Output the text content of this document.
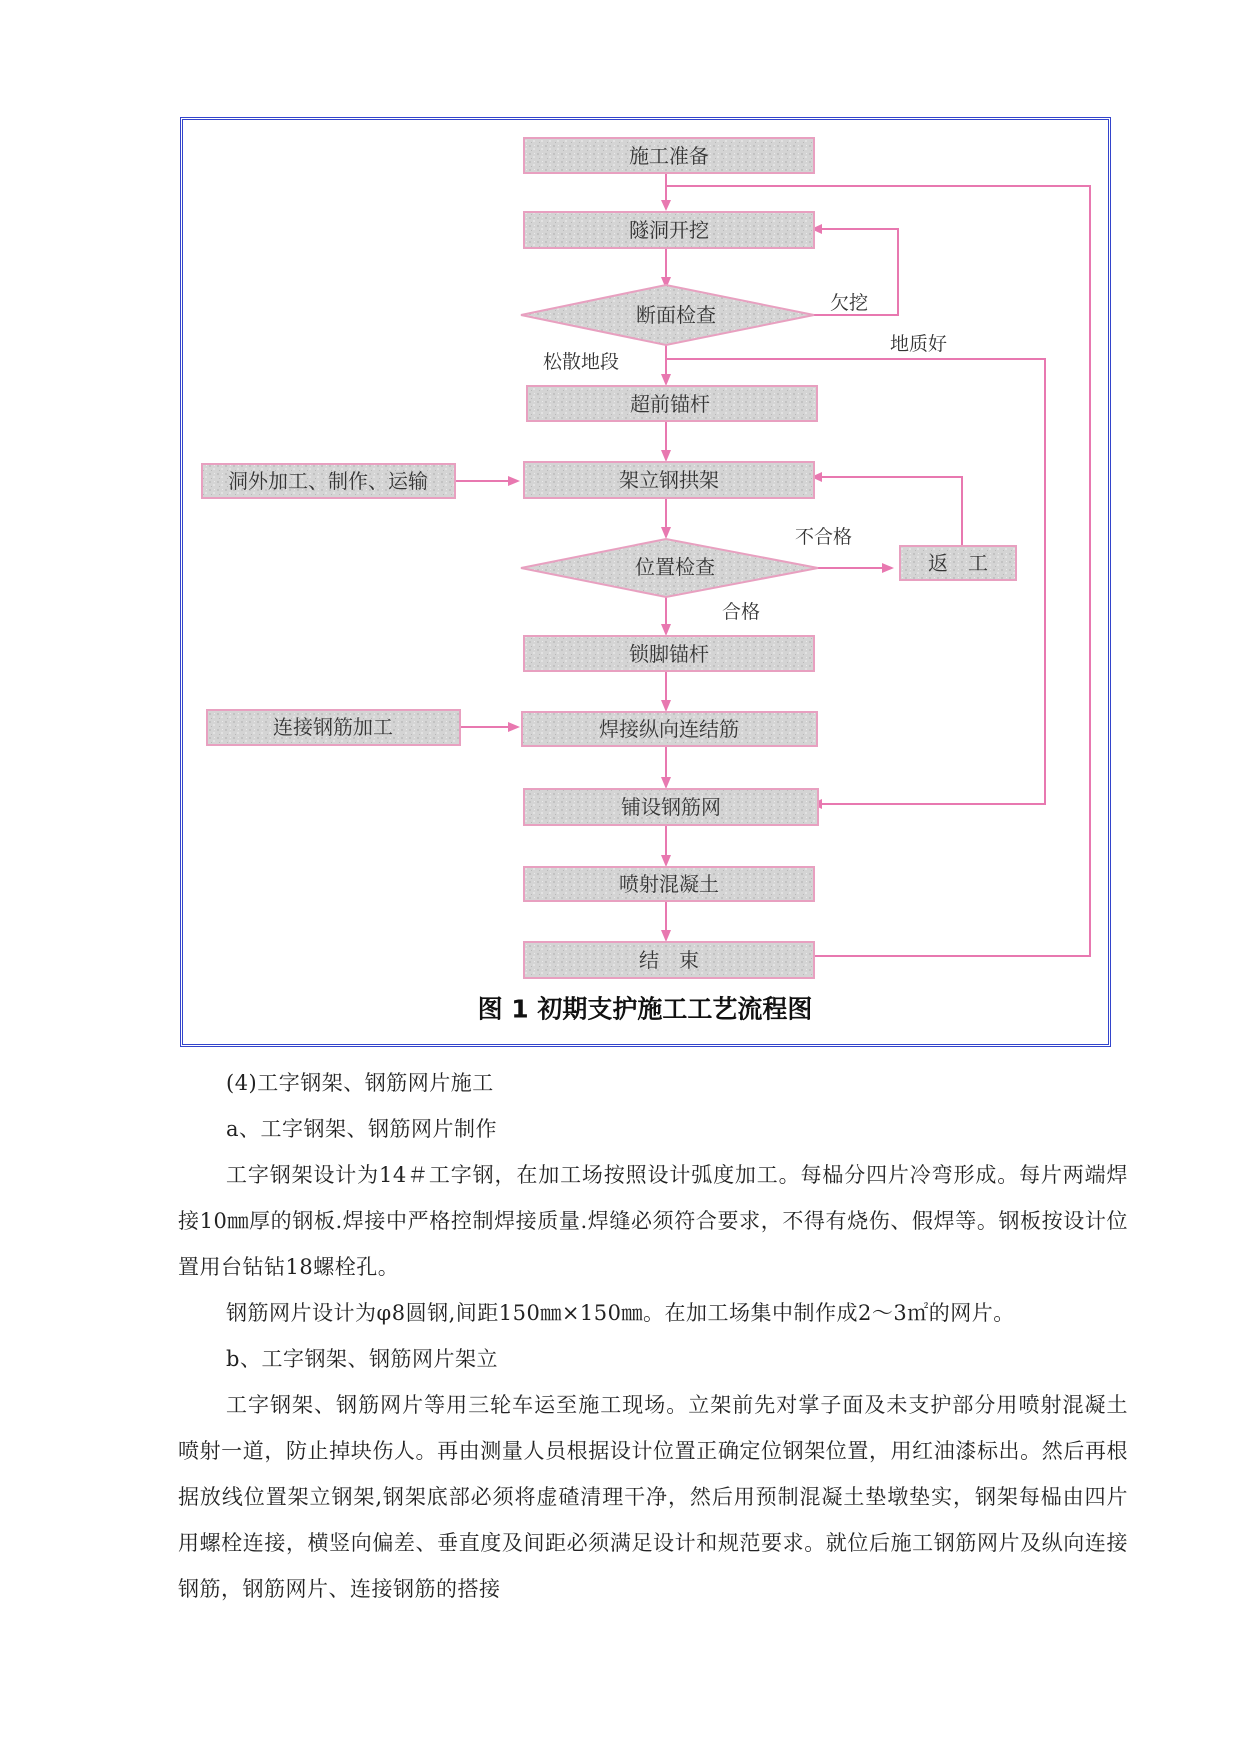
施工准备
隧洞开挖
断面检查
超前锚杆
洞外加工、制作、运输	架立钢拱架
位置检查	返　工
锁脚锚杆
连接钢筋加工	焊接纵向连结筋
铺设钢筋网
喷射混凝土
结　束
欠挖
地质好
松散地段
不合格
合格
图 1 初期支护施工工艺流程图

(4)工字钢架、钢筋网片施工

a、工字钢架、钢筋网片制作

工字钢架设计为14＃工字钢，在加工场按照设计弧度加工。每榀分四片冷弯形成。每片两端焊接10㎜厚的钢板.焊接中严格控制焊接质量.焊缝必须符合要求，不得有烧伤、假焊等。钢板按设计位置用台钻钻18螺栓孔。

钢筋网片设计为φ8圆钢,间距150㎜×150㎜。在加工场集中制作成2～3㎡的网片。

b、工字钢架、钢筋网片架立

工字钢架、钢筋网片等用三轮车运至施工现场。立架前先对掌子面及未支护部分用喷射混凝土喷射一道，防止掉块伤人。再由测量人员根据设计位置正确定位钢架位置，用红油漆标出。然后再根据放线位置架立钢架,钢架底部必须将虚碴清理干净，然后用预制混凝土垫墩垫实，钢架每榀由四片用螺栓连接，横竖向偏差、垂直度及间距必须满足设计和规范要求。就位后施工钢筋网片及纵向连接钢筋，钢筋网片、连接钢筋的搭接
